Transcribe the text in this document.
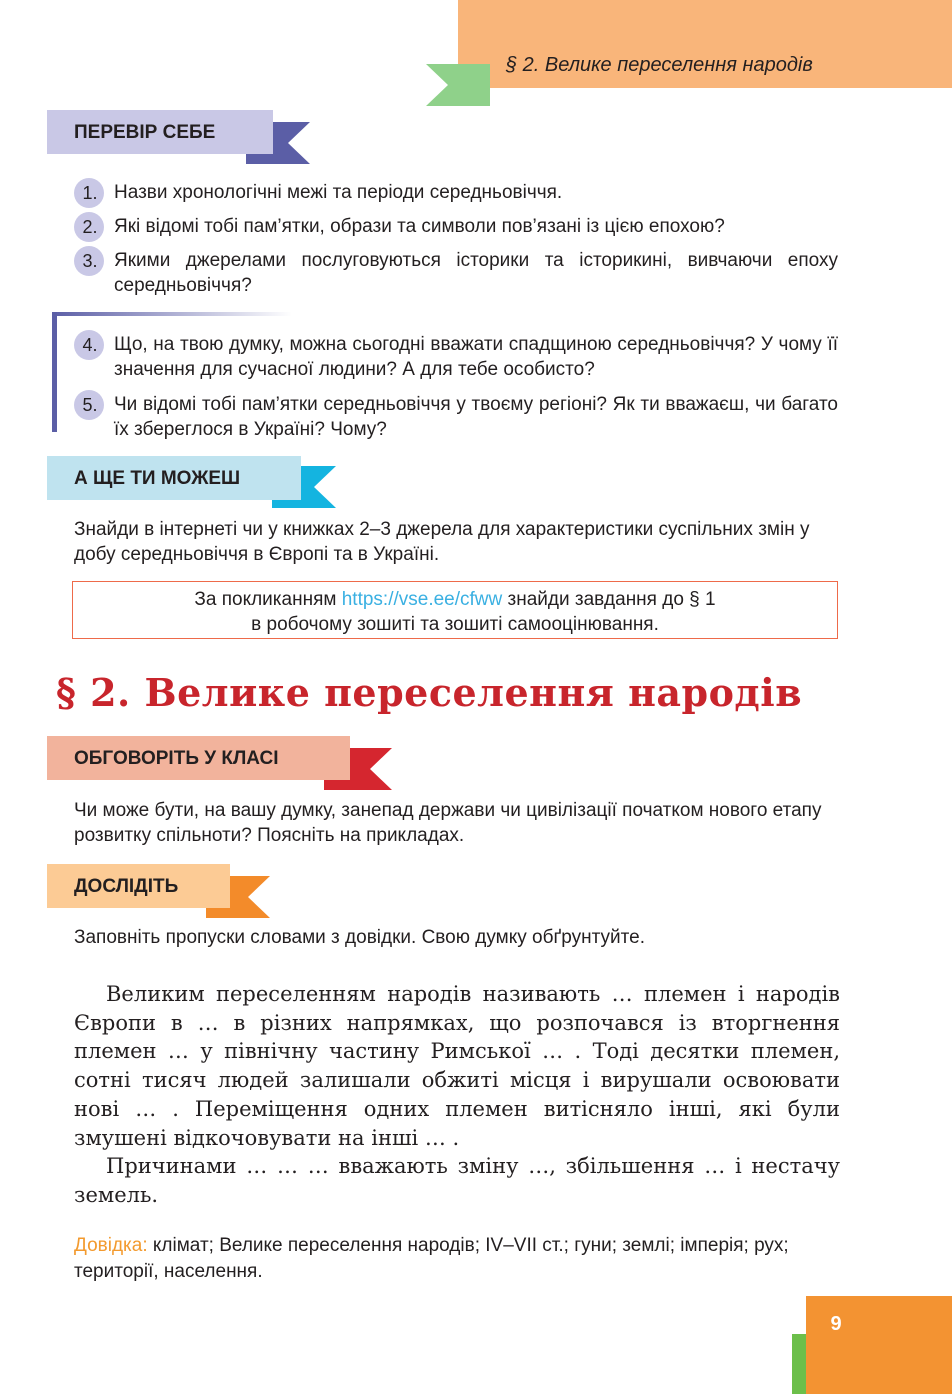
§ 2. Велике переселення народів
ПЕРЕВІР СЕБЕ
1. Назви хронологічні межі та періоди середньовіччя.
2. Які відомі тобі пам’ятки, образи та символи пов’язані із цією епохою?
3. Якими джерелами послуговуються історики та історикині, вивчаючи епоху середньовіччя?
4. Що, на твою думку, можна сьогодні вважати спадщиною середньовіччя? У чому її значення для сучасної людини? А для тебе особисто?
5. Чи відомі тобі пам’ятки середньовіччя у твоєму регіоні? Як ти вважаєш, чи багато їх збереглося в Україні? Чому?
А ЩЕ ТИ МОЖЕШ
Знайди в інтернеті чи у книжках 2–3 джерела для характеристики суспільних змін у добу середньовіччя в Європі та в Україні.
За покликанням https://vse.ee/cfww знайди завдання до § 1
в робочому зошиті та зошиті самооцінювання.
§ 2. Велике переселення народів
ОБГОВОРІТЬ У КЛАСІ
Чи може бути, на вашу думку, занепад держави чи цивілізації початком нового етапу розвитку спільноти? Поясніть на прикладах.
ДОСЛІДІТЬ
Заповніть пропуски словами з довідки. Свою думку обґрунтуйте.
Великим переселенням народів називають … племен і народів Європи в … в різних напрямках, що розпочався із вторгнення племен … у північну частину Римської … . Тоді десятки племен, сотні тисяч людей залишали обжиті місця і вирушали освоювати нові … . Переміщення одних племен витісняло інші, які були змушені відкочовувати на інші … .
Причинами … … … вважають зміну …, збільшення … і нестачу земель.
Довідка: клімат; Велике переселення народів; IV–VII ст.; гуни; землі; імперія; рух; території, населення.
9
